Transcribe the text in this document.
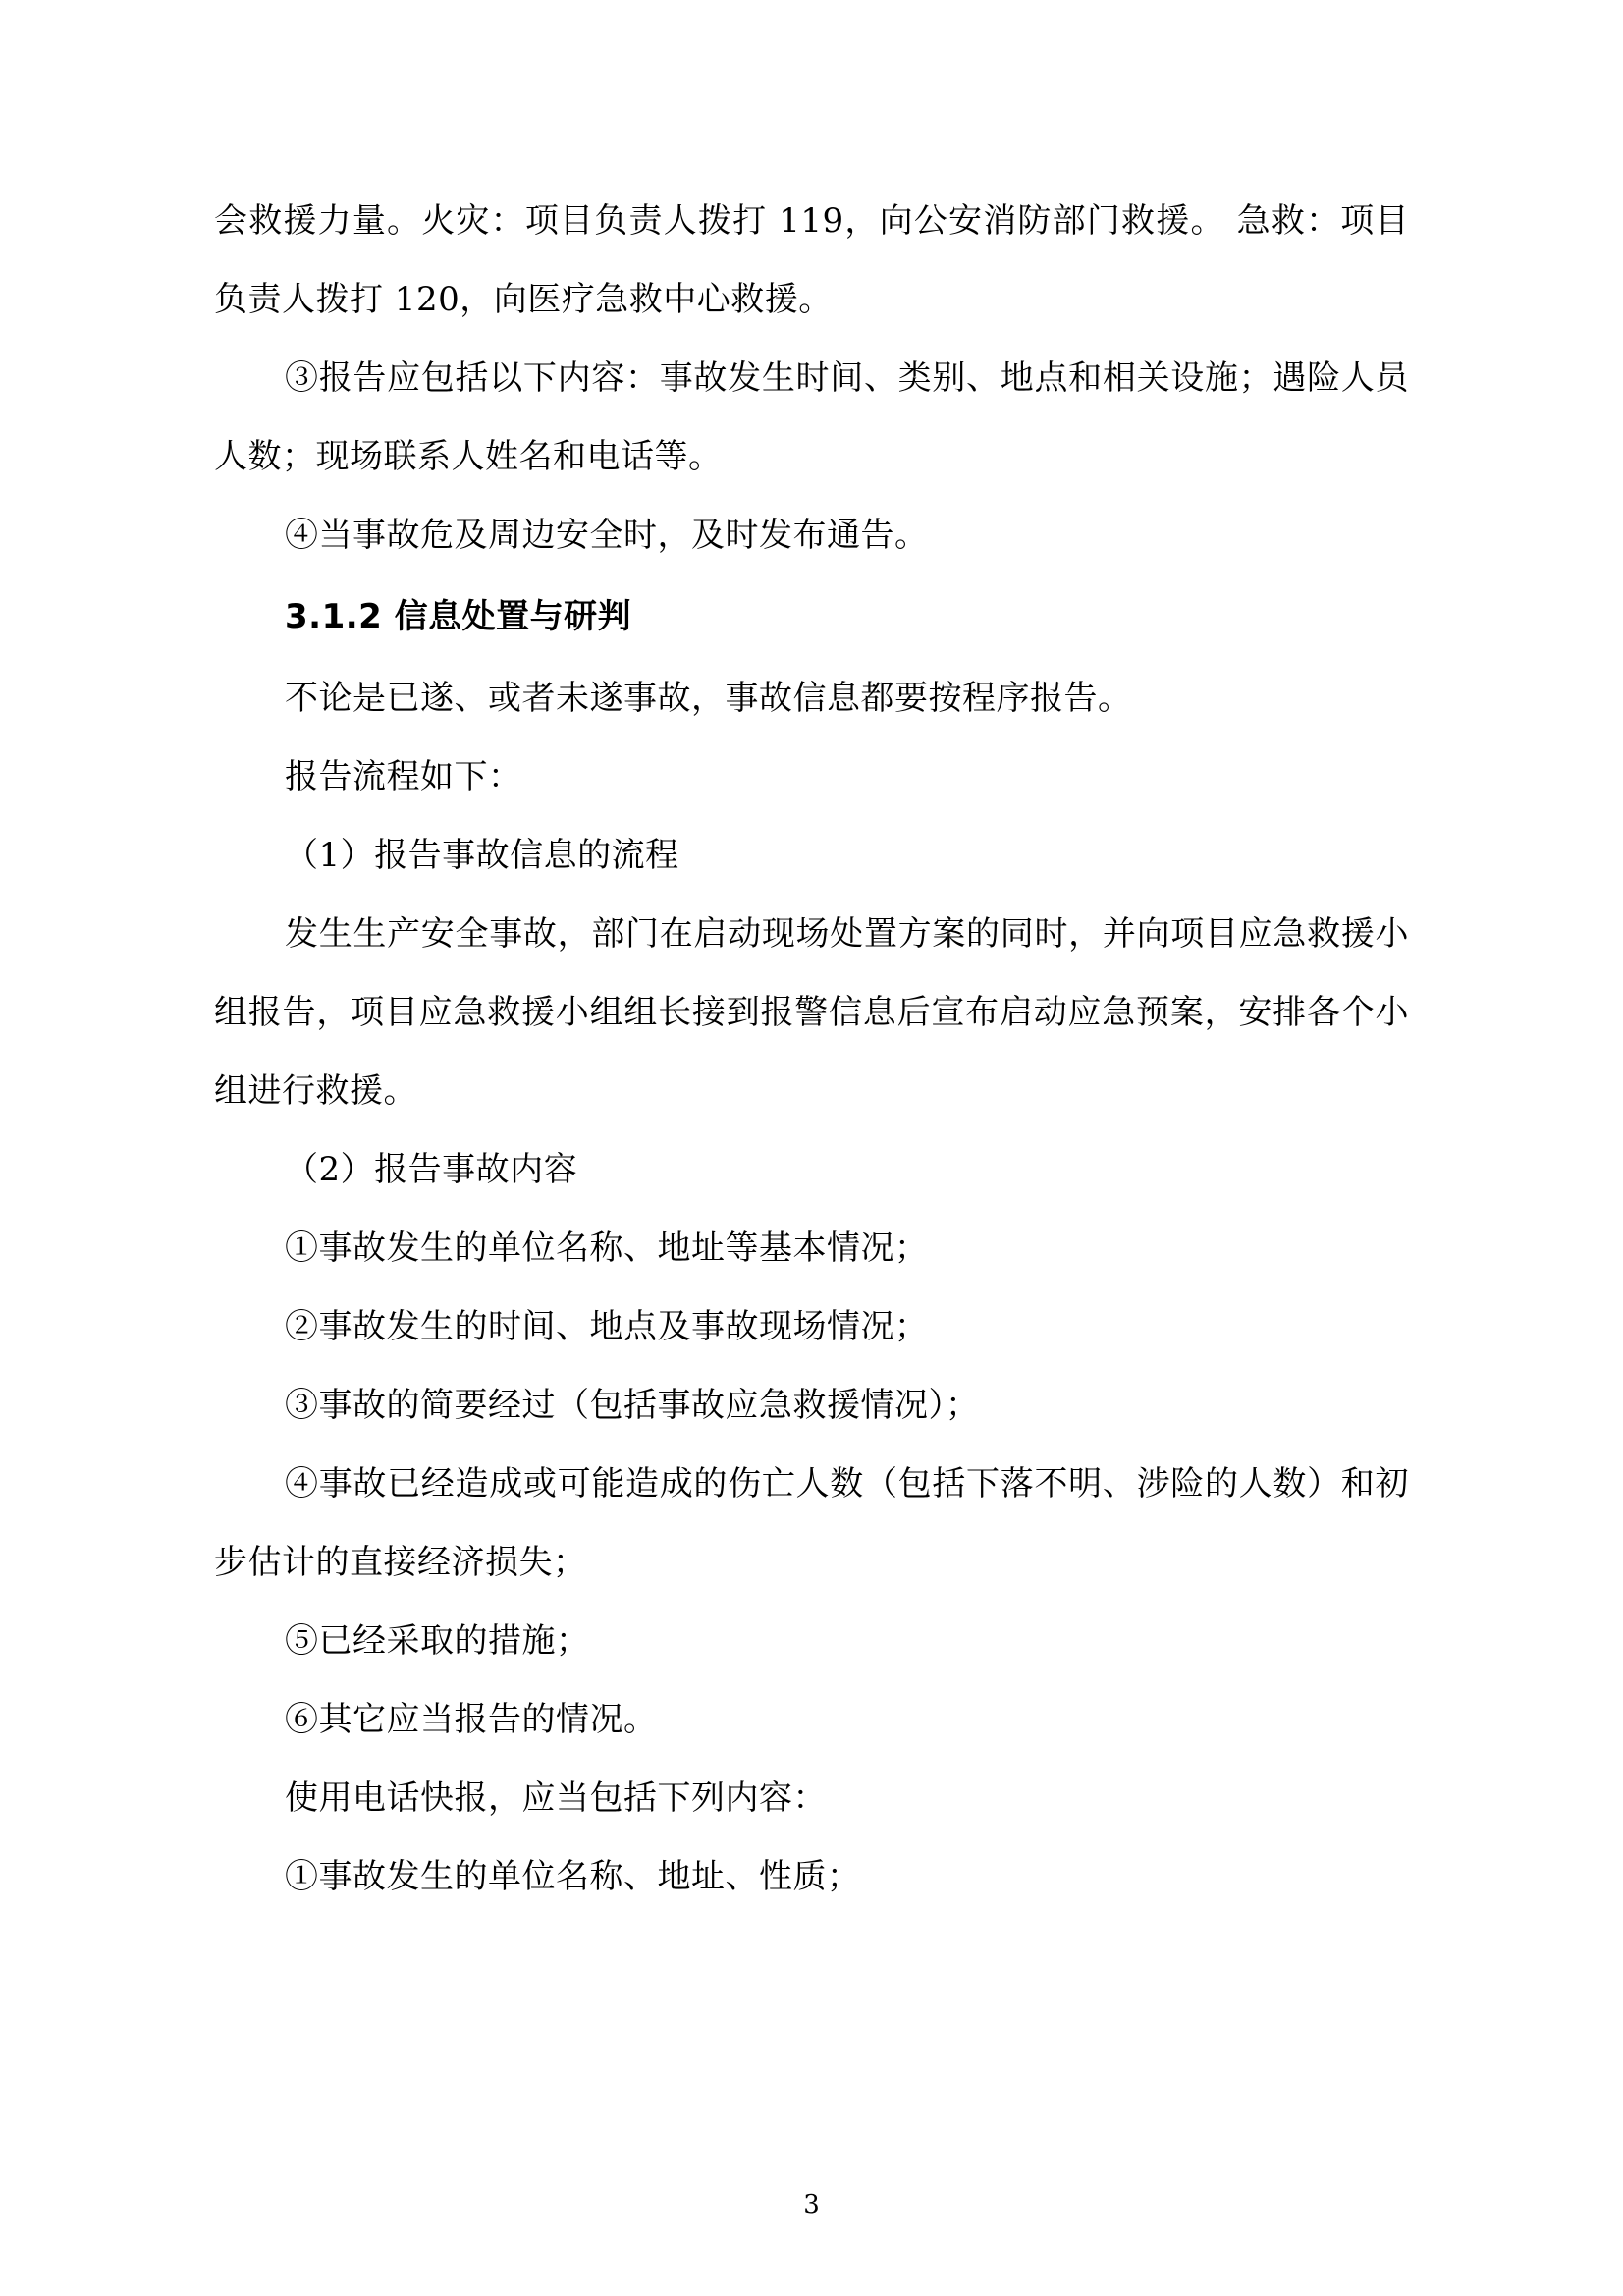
会救援力量。火灾：项目负责人拨打 119，向公安消防部门救援。 急救：项目负责人拨打 120，向医疗急救中心救援。

③报告应包括以下内容：事故发生时间、类别、地点和相关设施；遇险人员人数；现场联系人姓名和电话等。

④当事故危及周边安全时，及时发布通告。

3.1.2 信息处置与研判

不论是已遂、或者未遂事故，事故信息都要按程序报告。

报告流程如下：

（1）报告事故信息的流程

发生生产安全事故，部门在启动现场处置方案的同时，并向项目应急救援小组报告，项目应急救援小组组长接到报警信息后宣布启动应急预案，安排各个小组进行救援。

（2）报告事故内容

①事故发生的单位名称、地址等基本情况；

②事故发生的时间、地点及事故现场情况；

③事故的简要经过（包括事故应急救援情况）；

④事故已经造成或可能造成的伤亡人数（包括下落不明、涉险的人数）和初步估计的直接经济损失；

⑤已经采取的措施；

⑥其它应当报告的情况。

使用电话快报，应当包括下列内容：

①事故发生的单位名称、地址、性质；

3
